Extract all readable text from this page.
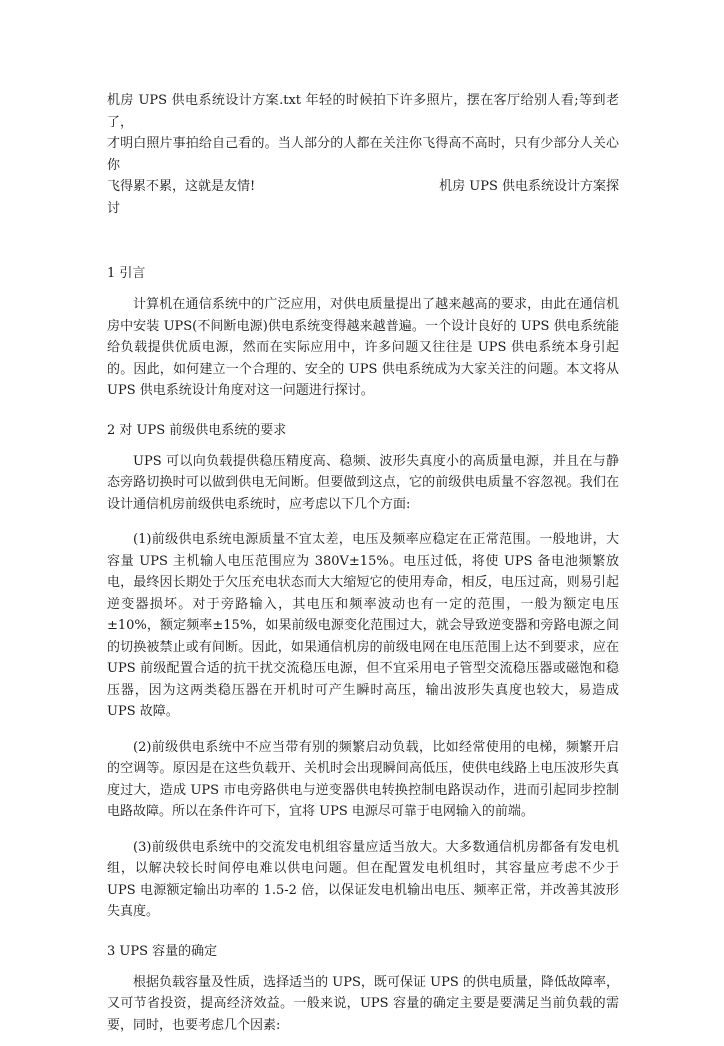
机房 UPS 供电系统设计方案.txt 年轻的时候拍下许多照片，摆在客厅给别人看;等到老了，
才明白照片事拍给自己看的。当人部分的人都在关注你飞得高不高时，只有少部分人关心你
飞得累不累，这就是友情!	机房 UPS 供电系统设计方案探
讨

1 引言

计算机在通信系统中的广泛应用，对供电质量提出了越来越高的要求，由此在通信机房中安装 UPS(不间断电源)供电系统变得越来越普遍。一个设计良好的 UPS 供电系统能给负载提供优质电源，然而在实际应用中，许多问题又往往是 UPS 供电系统本身引起的。因此，如何建立一个合理的、安全的 UPS 供电系统成为大家关注的问题。本文将从 UPS 供电系统设计角度对这一问题进行探讨。

2 对 UPS 前级供电系统的要求

UPS 可以向负载提供稳压精度高、稳频、波形失真度小的高质量电源，并且在与静态旁路切换时可以做到供电无间断。但要做到这点，它的前级供电质量不容忽视。我们在设计通信机房前级供电系统时，应考虑以下几个方面:

(1)前级供电系统电源质量不宜太差，电压及频率应稳定在正常范围。一般地讲，大容量 UPS 主机输人电压范围应为 380V±15%。电压过低，将使 UPS 备电池频繁放电，最终因长期处于欠压充电状态而大大缩短它的使用寿命，相反，电压过高，则易引起逆变器损坏。对于旁路输入，其电压和频率波动也有一定的范围，一般为额定电压±10%，额定频率±15%，如果前级电源变化范围过大，就会导致逆变器和旁路电源之间的切换被禁止或有间断。因此，如果通信机房的前级电网在电压范围上达不到要求，应在 UPS 前级配置合适的抗干扰交流稳压电源，但不宜采用电子管型交流稳压器或磁饱和稳压器，因为这两类稳压器在开机时可产生瞬时高压，输出波形失真度也较大，易造成 UPS 故障。

(2)前级供电系统中不应当带有别的频繁启动负载，比如经常使用的电梯，频繁开启的空调等。原因是在这些负载开、关机时会出现瞬间高低压，使供电线路上电压波形失真度过大，造成 UPS 市电旁路供电与逆变器供电转换控制电路误动作，进而引起同步控制电路故障。所以在条件许可下，宜将 UPS 电源尽可靠于电网输入的前端。

(3)前级供电系统中的交流发电机组容量应适当放大。大多数通信机房都备有发电机组，以解决较长时间停电难以供电问题。但在配置发电机组时，其容量应考虑不少于 UPS 电源额定输出功率的 1.5-2 倍，以保证发电机输出电压、频率正常，并改善其波形失真度。

3 UPS 容量的确定

根据负载容量及性质，选择适当的 UPS，既可保证 UPS 的供电质量，降低故障率，又可节省投资，提高经济效益。一般来说，UPS 容量的确定主要是要满足当前负载的需要，同时，也要考虑几个因素:
